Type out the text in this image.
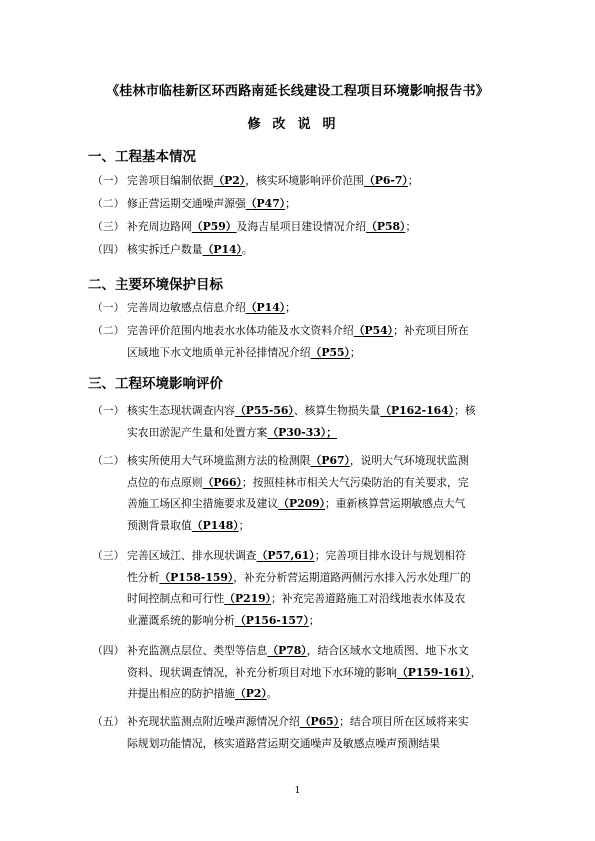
《桂林市临桂新区环西路南延长线建设工程项目环境影响报告书》
修改说明
一、工程基本情况
（一） 完善项目编制依据（P2），核实环境影响评价范围（P6-7）；
（二） 修正营运期交通噪声源强（P47）；
（三） 补充周边路网（P59）及海吉星项目建设情况介绍（P58）；
（四） 核实拆迁户数量（P14）。
二、主要环境保护目标
（一） 完善周边敏感点信息介绍（P14）；
（二） 完善评价范围内地表水水体功能及水文资料介绍（P54）；补充项目所在
区域地下水文地质单元补径排情况介绍（P55）；
三、工程环境影响评价
（一） 核实生态现状调查内容（P55-56）、核算生物损失量（P162-164）；核
实农田淤泥产生量和处置方案（P30-33）；
（二） 核实所使用大气环境监测方法的检测限（P67），说明大气环境现状监测
点位的布点原则（P66）；按照桂林市相关大气污染防治的有关要求，完
善施工场区抑尘措施要求及建议（P209）；重新核算营运期敏感点大气
预测背景取值（P148）；
（三） 完善区域江、排水现状调查（P57,61）；完善项目排水设计与规划相符
性分析（P158-159），补充分析营运期道路两侧污水排入污水处理厂的
时间控制点和可行性（P219）；补充完善道路施工对沿线地表水体及农
业灌溉系统的影响分析（P156-157）；
（四） 补充监测点层位、类型等信息（P78），结合区域水文地质图、地下水文
资料、现状调查情况，补充分析项目对地下水环境的影响（P159-161），
并提出相应的防护措施（P2）。
（五） 补充现状监测点附近噪声源情况介绍（P65）；结合项目所在区域将来实
际规划功能情况，核实道路营运期交通噪声及敏感点噪声预测结果
1
